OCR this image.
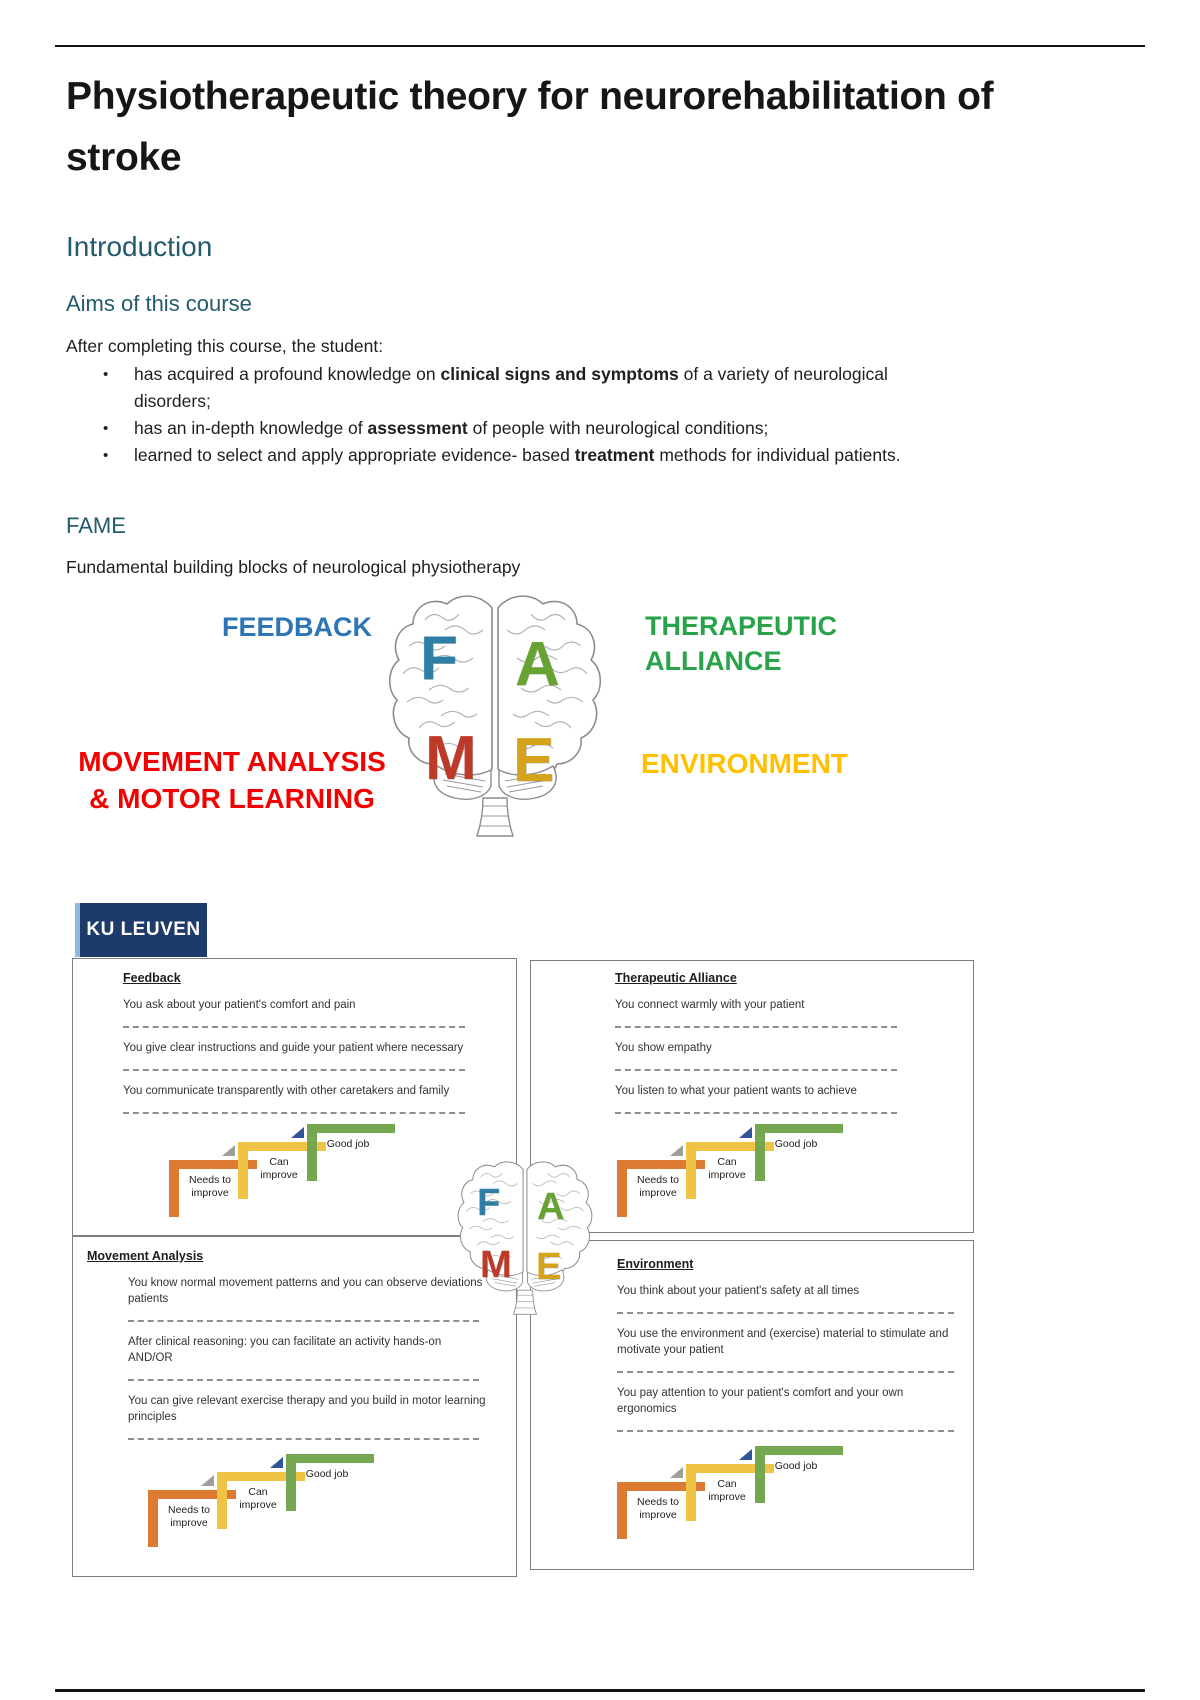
Physiotherapeutic theory for neurorehabilitation of stroke
Introduction
Aims of this course

After completing this course, the student:

• has acquired a profound knowledge on clinical signs and symptoms of a variety of neurological disorders;
• has an in-depth knowledge of assessment of people with neurological conditions;
• learned to select and apply appropriate evidence- based treatment methods for individual patients.
FAME

Fundamental building blocks of neurological physiotherapy

FEEDBACK	THERAPEUTIC ALLIANCE
MOVEMENT ANALYSIS & MOTOR LEARNING
ENVIRONMENT
F A
M E
KU LEUVEN
Feedback
You ask about your patient's comfort and pain
You give clear instructions and guide your patient where necessary
You communicate transparently with other caretakers and family
Needs to improve
Can improve
Good job
Therapeutic Alliance
You connect warmly with your patient
You show empathy
You listen to what your patient wants to achieve
Needs to improve
Can improve
Good job
Movement Analysis
You know normal movement patterns and you can observe deviations patients
After clinical reasoning: you can facilitate an activity hands-on AND/OR
You can give relevant exercise therapy and you build in motor learning principles
Needs to improve
Can improve
Good job
Environment
You think about your patient's safety at all times
You use the environment and (exercise) material to stimulate and motivate your patient
You pay attention to your patient's comfort and your own ergonomics
Needs to improve
Can improve
Good job
F A
M E
